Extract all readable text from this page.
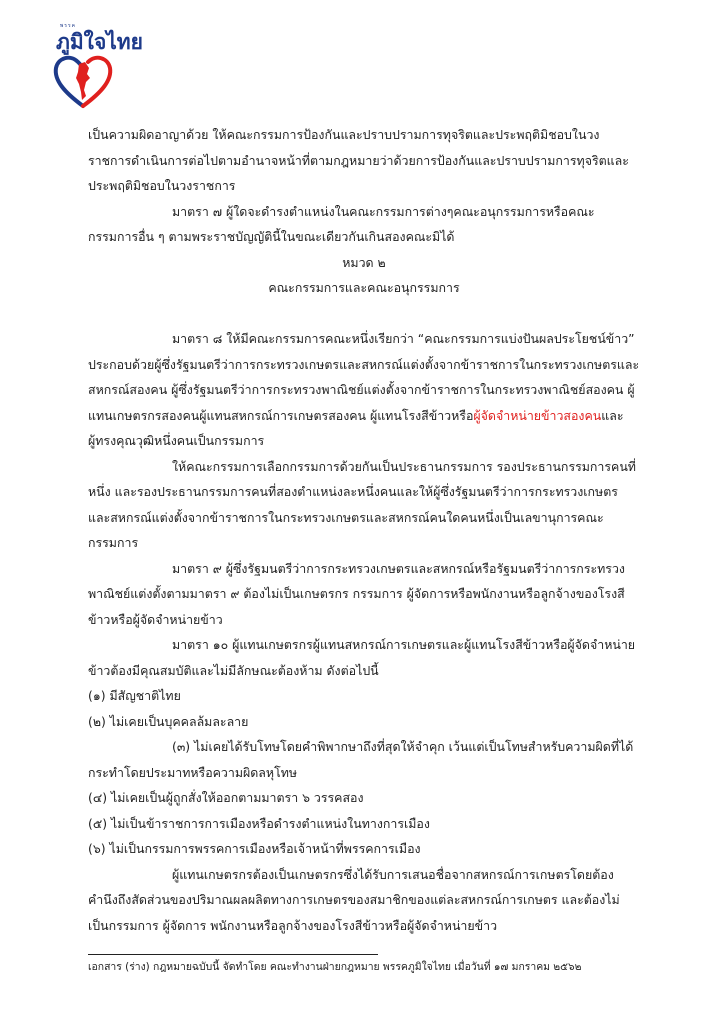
พรรค
ภูมิใจไทย

เป็นความผิดอาญาด้วย ให้คณะกรรมการป้องกันและปราบปรามการทุจริตและประพฤติมิชอบในวงราชการดำเนินการต่อไปตามอำนาจหน้าที่ตามกฎหมายว่าด้วยการป้องกันและปราบปรามการทุจริตและประพฤติมิชอบในวงราชการ

มาตรา ๗ ผู้ใดจะดำรงตำแหน่งในคณะกรรมการต่างๆคณะอนุกรรมการหรือคณะกรรมการอื่น ๆ ตามพระราชบัญญัตินี้ในขณะเดียวกันเกินสองคณะมิได้

หมวด ๒

คณะกรรมการและคณะอนุกรรมการ

มาตรา ๘ ให้มีคณะกรรมการคณะหนึ่งเรียกว่า “คณะกรรมการแบ่งปันผลประโยชน์ข้าว” ประกอบด้วยผู้ซึ่งรัฐมนตรีว่าการกระทรวงเกษตรและสหกรณ์แต่งตั้งจากข้าราชการในกระทรวงเกษตรและสหกรณ์สองคน ผู้ซึ่งรัฐมนตรีว่าการกระทรวงพาณิชย์แต่งตั้งจากข้าราชการในกระทรวงพาณิชย์สองคน ผู้แทนเกษตรกรสองคนผู้แทนสหกรณ์การเกษตรสองคน ผู้แทนโรงสีข้าวหรือผู้จัดจำหน่ายข้าวสองคนและผู้ทรงคุณวุฒิหนึ่งคนเป็นกรรมการ

ให้คณะกรรมการเลือกกรรมการด้วยกันเป็นประธานกรรมการ รองประธานกรรมการคนที่หนึ่ง และรองประธานกรรมการคนที่สองตำแหน่งละหนึ่งคนและให้ผู้ซึ่งรัฐมนตรีว่าการกระทรวงเกษตรและสหกรณ์แต่งตั้งจากข้าราชการในกระทรวงเกษตรและสหกรณ์คนใดคนหนึ่งเป็นเลขานุการคณะกรรมการ

มาตรา ๙ ผู้ซึ่งรัฐมนตรีว่าการกระทรวงเกษตรและสหกรณ์หรือรัฐมนตรีว่าการกระทรวงพาณิชย์แต่งตั้งตามมาตรา ๙ ต้องไม่เป็นเกษตรกร กรรมการ ผู้จัดการหรือพนักงานหรือลูกจ้างของโรงสีข้าวหรือผู้จัดจำหน่ายข้าว

มาตรา ๑๐ ผู้แทนเกษตรกรผู้แทนสหกรณ์การเกษตรและผู้แทนโรงสีข้าวหรือผู้จัดจำหน่ายข้าวต้องมีคุณสมบัติและไม่มีลักษณะต้องห้าม ดังต่อไปนี้

(๑) มีสัญชาติไทย

(๒) ไม่เคยเป็นบุคคลล้มละลาย

(๓) ไม่เคยได้รับโทษโดยคำพิพากษาถึงที่สุดให้จำคุก เว้นแต่เป็นโทษสำหรับความผิดที่ได้กระทำโดยประมาทหรือความผิดลหุโทษ

(๔) ไม่เคยเป็นผู้ถูกสั่งให้ออกตามมาตรา ๖ วรรคสอง

(๕) ไม่เป็นข้าราชการการเมืองหรือดำรงตำแหน่งในทางการเมือง

(๖) ไม่เป็นกรรมการพรรคการเมืองหรือเจ้าหน้าที่พรรคการเมือง

ผู้แทนเกษตรกรต้องเป็นเกษตรกรซึ่งได้รับการเสนอชื่อจากสหกรณ์การเกษตรโดยต้องคำนึงถึงสัดส่วนของปริมาณผลผลิตทางการเกษตรของสมาชิกของแต่ละสหกรณ์การเกษตร และต้องไม่เป็นกรรมการ ผู้จัดการ พนักงานหรือลูกจ้างของโรงสีข้าวหรือผู้จัดจำหน่ายข้าว

เอกสาร (ร่าง) กฎหมายฉบับนี้ จัดทำโดย คณะทำงานฝ่ายกฎหมาย พรรคภูมิใจไทย เมื่อวันที่ ๑๗ มกราคม ๒๕๖๒
